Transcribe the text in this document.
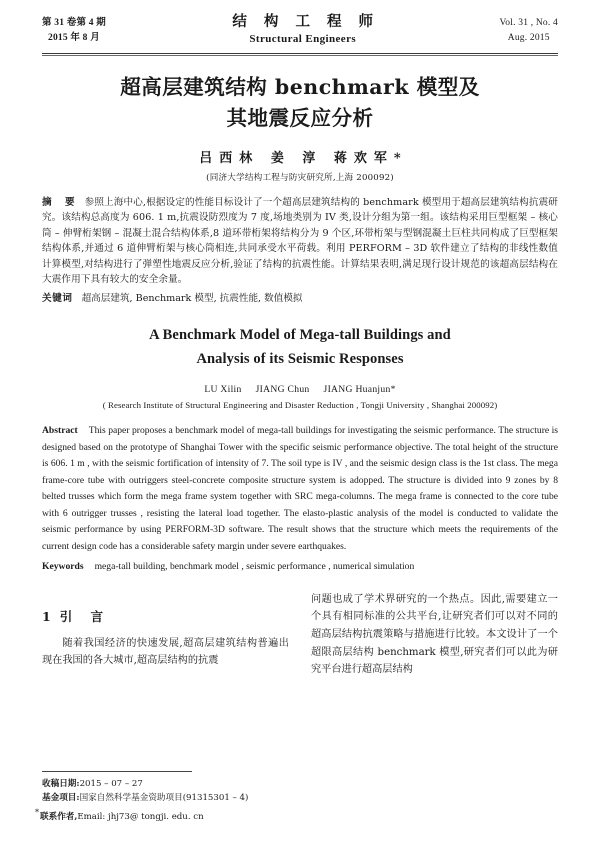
第 31 卷第 4 期
2015 年 8 月
结 构 工 程 师
Structural Engineers
Vol. 31 , No. 4
Aug. 2015
超高层建筑结构 benchmark 模型及
其地震反应分析
吕西林 姜 淳 蒋欢军*
(同济大学结构工程与防灾研究所,上海 200092)
摘 要 参照上海中心,根据设定的性能目标设计了一个超高层建筑结构的 benchmark 模型用于超高层建筑结构抗震研究。该结构总高度为 606. 1 m,抗震设防烈度为 7 度,场地类别为 IV 类,设计分组为第一组。该结构采用巨型框架 – 核心筒 – 伸臂桁架钢 – 混凝土混合结构体系,8 道环带桁架将结构分为 9 个区,环带桁架与型钢混凝土巨柱共同构成了巨型框架结构体系,并通过 6 道伸臂桁架与核心筒相连,共同承受水平荷载。利用 PERFORM – 3D 软件建立了结构的非线性数值计算模型,对结构进行了弹塑性地震反应分析,验证了结构的抗震性能。计算结果表明,满足现行设计规范的该超高层结构在大震作用下具有较大的安全余量。
关键词 超高层建筑, Benchmark 模型, 抗震性能, 数值模拟
A Benchmark Model of Mega-tall Buildings and
Analysis of its Seismic Responses
LU Xilin JIANG Chun JIANG Huanjun*
( Research Institute of Structural Engineering and Disaster Reduction , Tongji University , Shanghai 200092)
Abstract This paper proposes a benchmark model of mega-tall buildings for investigating the seismic performance. The structure is designed based on the prototype of Shanghai Tower with the specific seismic performance objective. The total height of the structure is 606. 1 m , with the seismic fortification of intensity of 7. The soil type is IV , and the seismic design class is the 1st class. The mega frame-core tube with outriggers steel-concrete composite structure system is adopped. The structure is divided into 9 zones by 8 belted trusses which form the mega frame system together with SRC mega-columns. The mega frame is connected to the core tube with 6 outrigger trusses , resisting the lateral load together. The elasto-plastic analysis of the model is conducted to validate the seismic performance by using PERFORM-3D software. The result shows that the structure which meets the requirements of the current design code has a considerable safety margin under severe earthquakes.
Keywords mega-tall building, benchmark model , seismic performance , numerical simulation
1 引 言
随着我国经济的快速发展,超高层建筑结构普遍出现在我国的各大城市,超高层结构的抗震
问题也成了学术界研究的一个热点。因此,需要建立一个具有相同标准的公共平台,让研究者们可以对不同的超高层结构抗震策略与措施进行比较。本文设计了一个超限高层结构 benchmark 模型,研究者们可以此为研究平台进行超高层结构
收稿日期:2015 – 07 – 27
基金项目:国家自然科学基金资助项目(91315301 – 4)
*联系作者,Email: jhj73@ tongji. edu. cn
